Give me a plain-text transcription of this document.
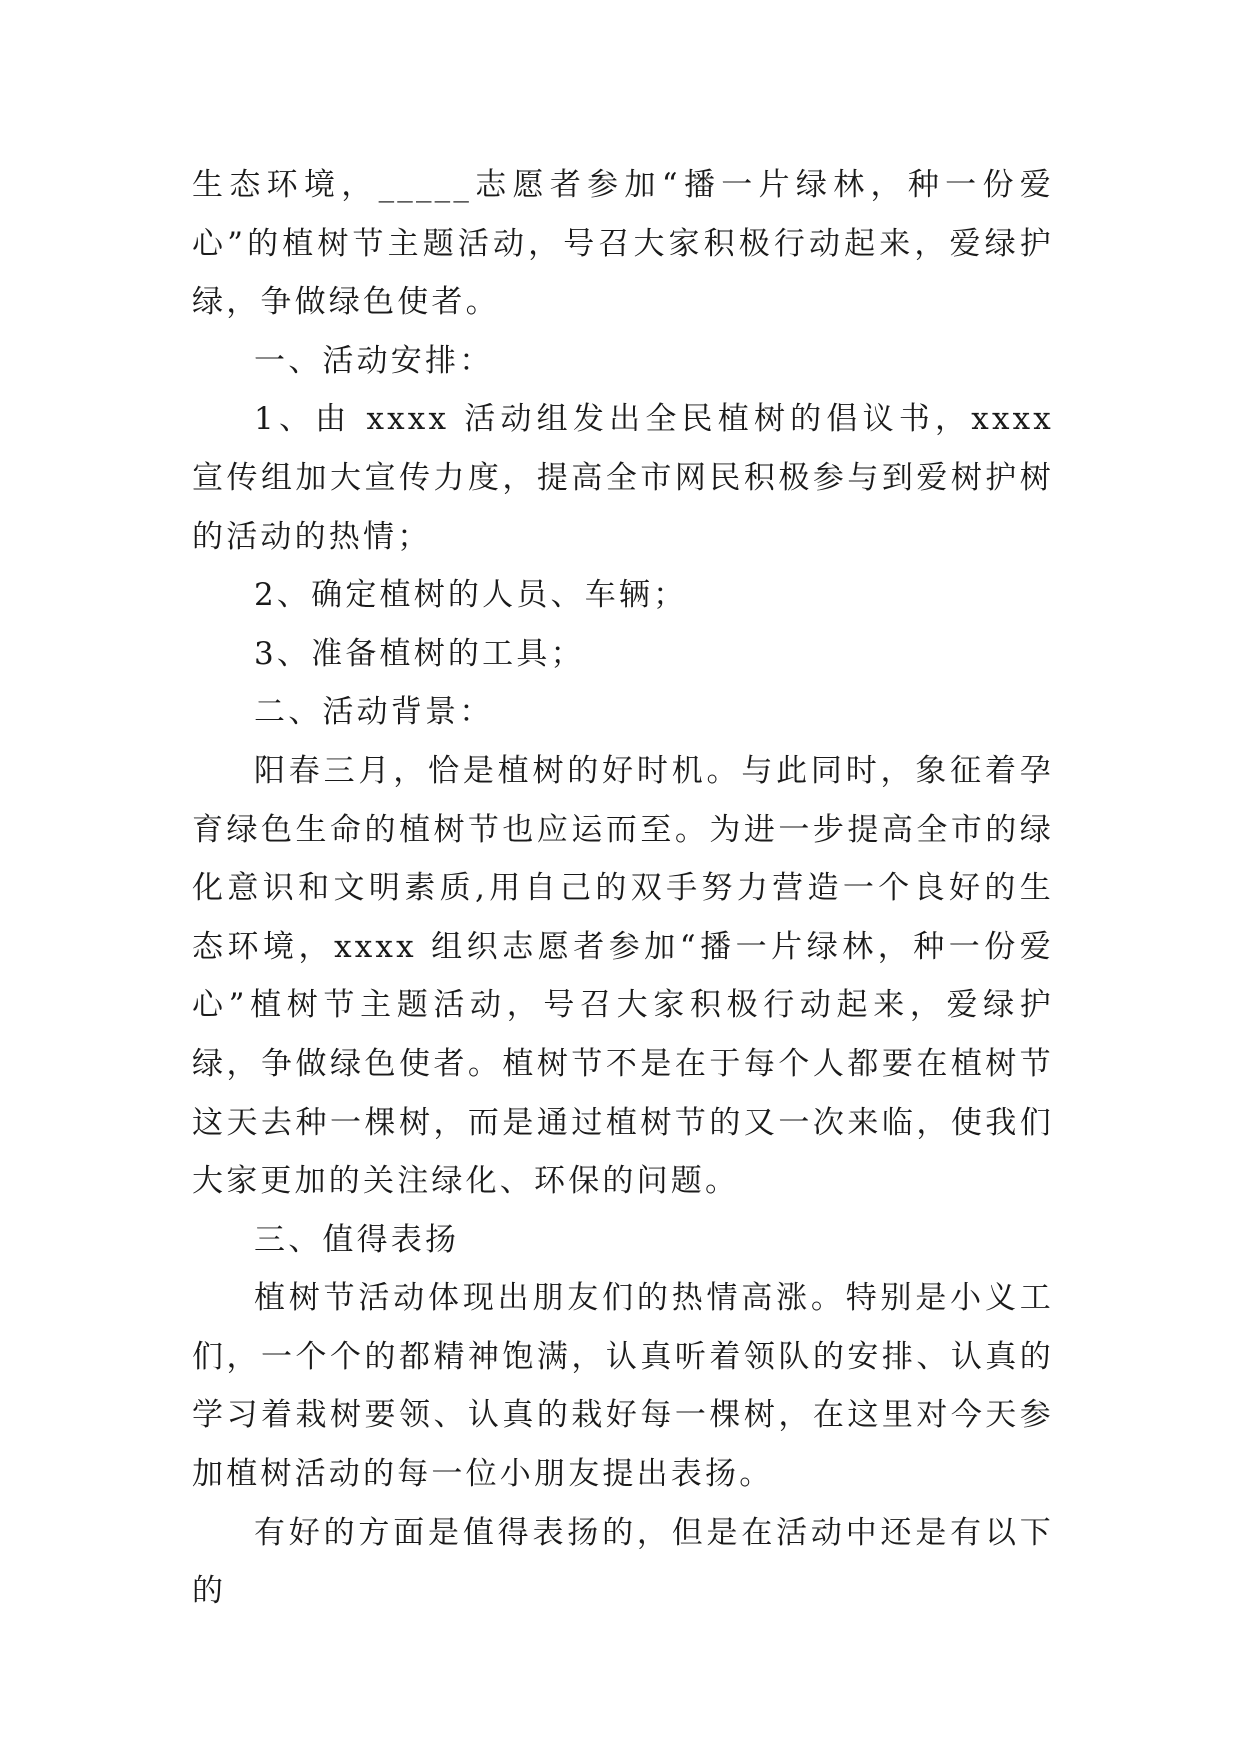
生态环境，_____志愿者参加“播一片绿林，种一份爱心”的植树节主题活动，号召大家积极行动起来，爱绿护绿，争做绿色使者。

一、活动安排：

1、由 xxxx 活动组发出全民植树的倡议书，xxxx 宣传组加大宣传力度，提高全市网民积极参与到爱树护树的活动的热情；

2、确定植树的人员、车辆；

3、准备植树的工具；

二、活动背景：

阳春三月，恰是植树的好时机。与此同时，象征着孕育绿色生命的植树节也应运而至。为进一步提高全市的绿化意识和文明素质,用自己的双手努力营造一个良好的生态环境，xxxx 组织志愿者参加“播一片绿林，种一份爱心”植树节主题活动，号召大家积极行动起来，爱绿护绿，争做绿色使者。植树节不是在于每个人都要在植树节这天去种一棵树，而是通过植树节的又一次来临，使我们大家更加的关注绿化、环保的问题。

三、值得表扬

植树节活动体现出朋友们的热情高涨。特别是小义工们，一个个的都精神饱满，认真听着领队的安排、认真的学习着栽树要领、认真的栽好每一棵树，在这里对今天参加植树活动的每一位小朋友提出表扬。

有好的方面是值得表扬的，但是在活动中还是有以下的
